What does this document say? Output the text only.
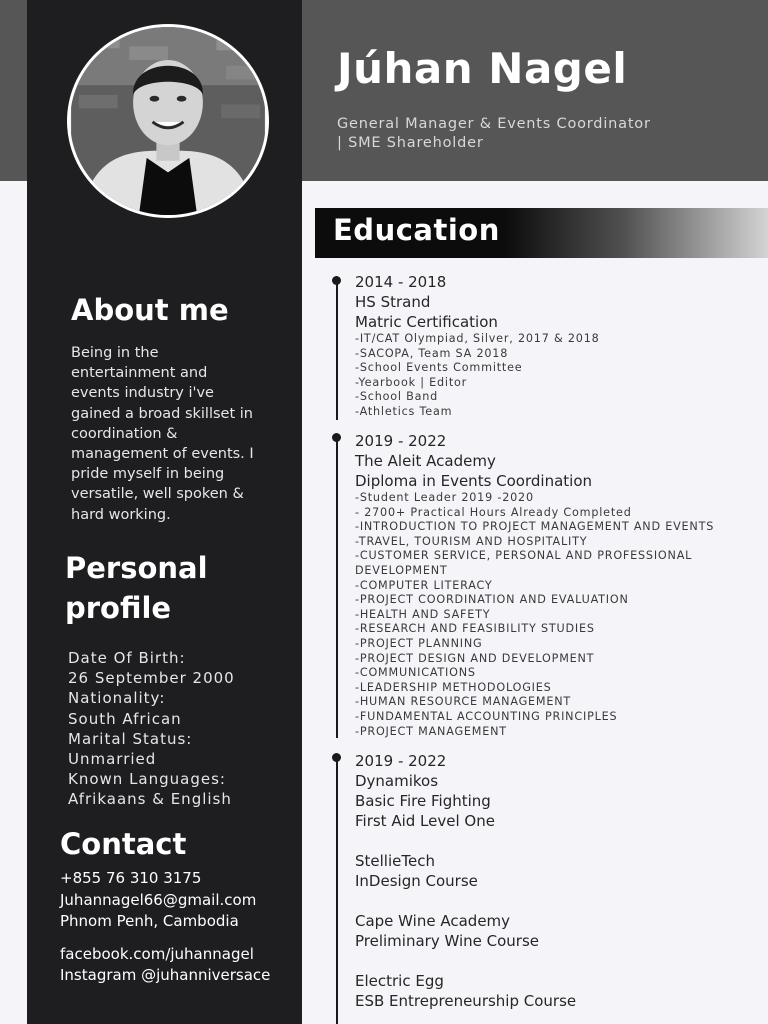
Júhan Nagel
General Manager & Events Coordinator
| SME Shareholder
About me
Being in the
entertainment and
events industry i've
gained a broad skillset in
coordination &
management of events. I
pride myself in being
versatile, well spoken &
hard working.
Personal
profile
Date Of Birth:
26 September 2000
Nationality:
South African
Marital Status:
Unmarried
Known Languages:
Afrikaans & English
Contact
+855 76 310 3175
Juhannagel66@gmail.com
Phnom Penh, Cambodia
facebook.com/juhannagel
Instagram @juhanniversace
Education
2014 - 2018
HS Strand
Matric Certification
-IT/CAT Olympiad, Silver, 2017 & 2018
-SACOPA, Team SA 2018
-School Events Committee
-Yearbook | Editor
-School Band
-Athletics Team
2019 - 2022
The Aleit Academy
Diploma in Events Coordination
-Student Leader 2019 -2020
- 2700+ Practical Hours Already Completed
-INTRODUCTION TO PROJECT MANAGEMENT AND EVENTS
-TRAVEL, TOURISM AND HOSPITALITY
-CUSTOMER SERVICE, PERSONAL AND PROFESSIONAL
DEVELOPMENT
-COMPUTER LITERACY
-PROJECT COORDINATION AND EVALUATION
-HEALTH AND SAFETY
-RESEARCH AND FEASIBILITY STUDIES
-PROJECT PLANNING
-PROJECT DESIGN AND DEVELOPMENT
-COMMUNICATIONS
-LEADERSHIP METHODOLOGIES
-HUMAN RESOURCE MANAGEMENT
-FUNDAMENTAL ACCOUNTING PRINCIPLES
-PROJECT MANAGEMENT
2019 - 2022
Dynamikos
Basic Fire Fighting
First Aid Level One
StellieTech
InDesign Course
Cape Wine Academy
Preliminary Wine Course
Electric Egg
ESB Entrepreneurship Course
